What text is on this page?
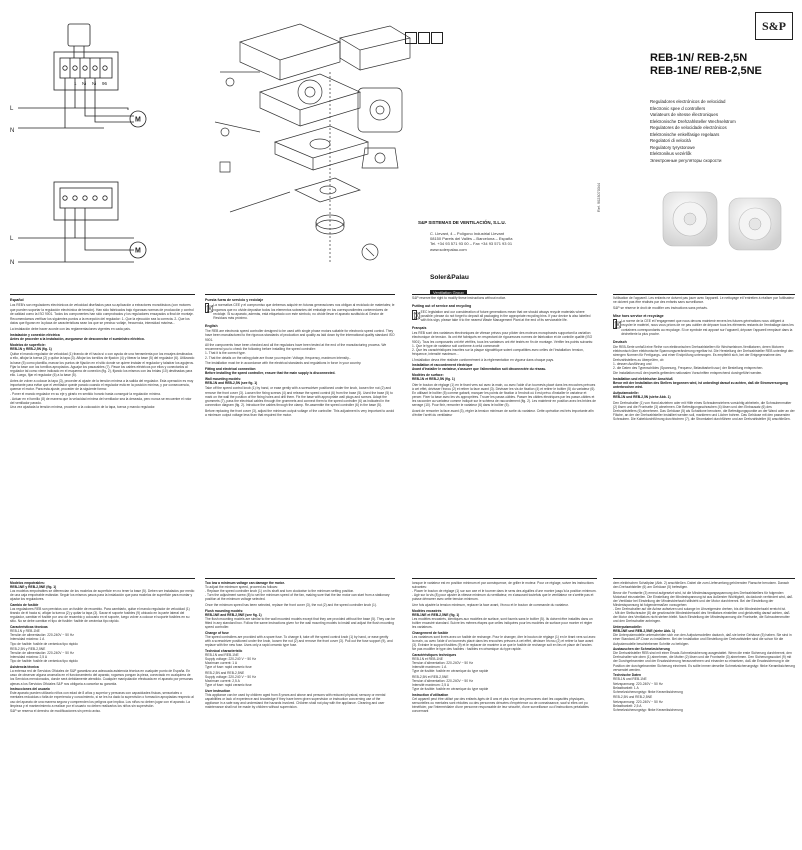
M
L
N
1 Ni Ni 96
M
L
N
S&P
REB-1N/ REB-2,5N
REB-1NE/ REB-2,5NE
Reguladores electrónicos de velocidad
Electronic spee d controllers
Variateurs de vitesse électroniques
Elektronische Drehzahlsteller Wechselstrom
Regulatores de velocidade electrónicos
Elektronische enkelfasige regelaars
Regolatori di velocità
Regulatory tyrystorowe
Elektronikus vezérlők
Электронные регуляторы скорости
Ref. 9023070344
S&P SISTEMAS DE VENTILACIÓN, S.L.U.
C. Llevant, 4 – Polígono Industrial Llevant
08150 Parets del Vallès – Barcelona – España
Tel. +34 93 571 93 00 – Fax +34 93 571 93 01
www.solerpalau.com
Soler&Palau
Ventilation Group

Español

Los REB's son reguladores electrónicos de velocidad diseñados para su aplicación a extractores monofásicos (con motores que pueden soportar la regulación electrónica de tensión). Han sido fabricados bajo rigurosas normas de producción y control de calidad como la ISO 9001. Todos los componentes han sido comprobados y los reguladores ensayados a final de montaje.

Recomendamos verificar los siguientes puntos a la recepción del regulador: 1- Que la ejecución sea la correcta. 2- Que los datos que figuran en la placa de características sean los que se precisa: voltaje, frecuencia, intensidad máxima...

La instalación debe hacer acorde con las reglamentaciones vigentes en cada país.

Instalación y conexión eléctrica

Antes de proceder a la instalación, asegurarse de desconectar el suministro eléctrico.

Modelos de superficie:

REB-1N y REB-2,5N (fig. 1)

Quitar el mando regulador de velocidad (1) tirando de él hacia sí o con ayuda de una herramienta por los encajes destinados a ello, aflojar la tuerca (2) y quitar la tapa (3). Aflojar los tornillos de fijación (4) y liberar la base (5) del regulador (6). Utilizando la base (5) como plantilla, marcar los puntos de fijación en el sitio donde se quiere instalar el regulador y taladrar los agujeros. Fijar la base con los tornillos apropiados. Aguajar los pasacables (7). Pasar los cables eléctricos por ellos y conectarlos al regulador tal como viene indicado en el esquema de conexión (fig. 2), fijando los mismos con las bridas (10) destinadas para ello. Luego, fijar el regulador (6) a la base (5).

Antes de volver a colocar la tapa (3), proceder al ajuste de la tensión mínima a la salida del regulador. Esta operación es muy importante para evitar que el ventilador quede parado cuando el regulador está en la posición mínima, y por consecuencia, quemar el motor. Para esta ajuste, proceder de la siguiente forma:

- Poner el mando regulador en su eje y girarlo en sentido horario hasta conseguir la regulación mínima.

- Actuar en el tornillo (8) de manera que la velocidad mínima del ventilador sea la deseada, pero nunca se encuentre el rotor del ventilador parado.

Una vez ajustada la tensión mínima, proceder a la colocación de la tapa, tuerca y mando regulador.

Puesta fuera de servicio y reciclaje

La normativa CEE y el compromiso que debemos adquirir en futuras generaciones nos obligan al reciclado de materiales; le rogamos que no olvide depositar todos los elementos sobrantes del embalaje en los correspondientes contenedores de reciclaje. Si su aparato, además, está etiquetado con este símbolo, no olvide llevar el aparato sustituido al Gestor de Residuos más próximo.

English

The REB are electronic speed controller designed to be used with single phase motors suitable for electronic speed control. They have been manufactured to the rigorous standards of production and quality as laid down by the international quality standard ISO 9001.

All the components have been checked and all the regulators have been tested at the end of the manufacturing process. We recommend you to check the following before installing the speed controller:

1- That it is the correct type.

2- That the details on the rating plate are those you require: Voltage, frequency, maximum intensity...

The installation must be in accordance with the electrical standards and regulations in force in your country.

Fitting and electrical connection

Before installing the speed controller, ensure that the main supply is disconnected.

Wall mounting models:

REB-1N and REB-2,5N (see fig. 1)

Take off the speed control knob (1) by hand, or ease gently with a screwdriver positioned under the knob, loosen the nut (2) and remove the front cover (3). Loosen the fixing screws (4) and release the speed control (6) from the base (5). Used the base (5) to mark on the wall the position of the fixing holes and drill them. Fix the base with appropriate wall plugs and screws. Adapt the grommets (7), pass the electrical cables through the grommets and connect them to the speed controller (6) as indicated in the connection diagram (fig. 2). Introduce the cables through the clamp. Re-assemble the speed controller (6) in the base (5).

Before replacing the front cover (3), adjust the minimum output voltage of the controller. This adjustment is very important to avoid a minimum output voltage less than that required the motor.

S&P reserve the right to modify these instructions without notice.

Putting out of service and recycling

EEC legislation and our consideration of future generations mean that we should always recycle materials where possible; please do not forget to deposit all packaging in the appropriate recycling bins. If your device is also labelled with this sign, please take it to the nearest Waste Management Plant at the end of its serviceable life.

Français

Les REB sont des variateurs électroniques de vitesse prévus pour piloter des moteurs monophasés supportant la variation électronique de tension. Ils ont été fabriqués en respectant de rigoureuses normes de fabrication et de contrôle qualité (ISO 9001). Tous les composants ont été vérifiés, tous les variateurs ont été testés en fin de montage. Vérifier les points suivants:

1- Que le type de variateur soit conforme à celui commandé

2- Que les caractéristiques inscrites sur la plaque signalétique soient compatibles avec celles de l'installation: tension, fréquence, intensité maximum...

L'installation devra être réalisée conformément à la réglementation en vigueur dans chaque pays.

Installation et raccordement électrique

Avant d'installer le variateur, s'assurer que l'alimentation soit déconnectée du réseau.

Modèles de surface:

REB-1N et REB-2,5N (fig. 1)

Oter le bouton de réglage (1) en le tirant vers soi avec la main, ou avec l'aide d'un tournevis placé dans les encoches prévues à cet effet, dévisser l'écrou (2) et retirer la face avant (3). Dévisser les vis de fixation (4) et retirer le boîtier (5) du variateur (6). En utilisant le boîtier (5) comme gabarit, marquer les points de fixation à l'endroit où il est prévu d'installer le variateur et percer. Fixer la base avec les vis appropriées. Trouer les passe-câbles. Passer les câbles électriques par les passe-câbles et les raccorder au variateur comme indiqué sur le schéma de raccordement (fig. 2). Les maintenir en position avec les brides de serrage (10). Pour finir, remonter le variateur (6) dans le boîtier (5).

Avant de remonter la face avant (3), régler la tension minimum de sortie du variateur. Cette opération est très importante afin d'éviter l'arrêt du ventilateur

l'utilisation de l'appareil. Les enfants ne doivent pas jouer avec l'appareil. Le nettoyage et l'entretien à réaliser par l'utilisateur ne doivent pas être réalisés par des enfants sans surveillance.

S&P se réserve le droit de modifier ces instructions sans préavis.

Mise hors service et recyclage

La norme de la CEE et l'engagement que nous devons maintenir envers les futures générations nous obligent à recycler le matériel, nous vous prions de ne pas oublier de déposer tous les éléments restants de l'emballage dans les containers correspondants au recyclage. Si ce symbole est apposé sur l'appareil, déposer l'appareil remplacé dans la déchetterie la plus proche.

Deutsch

Die REB-Serie umfaßt eine Reihe von elektronischen Drehzahlstellern für Wechselstrom-Ventilatoren, deren Motoren elektronisch über elektronische Spannungsveränderung regelbar ist. Die Herstellung der Drehzahlsteller REB unterliegt den strengen Normen für Fertigungs- und einer Endprüfung unterzogen. Es empfiehlt sich, bei der Entgegennahme des Drehzahlstellers zu überprüfen, ob

1- dessen Ausführung und

2- die Daten des Typenschildes (Spannung, Frequenz, Belastbarkeit usw.) der Bestellung entsprechen.

Die Installation muß den jeweils geltenden nationalen Vorschriften entsprechend durchgeführt werden.

Installation und elektrischer Anschluß

Bevor mit der Installation des Stellers begonnen wird, ist unbedingt darauf zu achten, daß die Stromversorgung unterbrochen wird.

Aufputzmodelle:

REB-1N und REB-2,5N (siehe Abb. 1)

Den Drehschalter (1) von Hand abziehen oder mit Hilfe eines Schraubenziehers vorsichtig abhebeln, die Schraubenmutter (2) lösen und die Frontseite (3) abnehmen. Die Befestigungsschrauben (4) lösen und den Einbausatz (6) des Drehzahlstellers (6) abnehmen. Das Gehäuse (5) als Schablone benutzen, die Befestigungspunkte an der Wand oder an der Fläche, an der der Drehzahlsteller installiert werden soll, markieren und Löcher bohren. Das Gehäuse mit den passenden Schrauben. Die Kabeldurchführung durchbohren (7), die Stromkabel durchführen und am Drehzahlsteller (6) anschließen.

Modelos empotrables:

REB-1NE y REB-2,5NE (fig. 1)

Los modelos empotrables se diferencian de los modelos de superficie en no tener la base (5). Deben ser instalados por medio de una caja empotrable estándar. Seguir los mismos pasos para la instalación que para modelos de superficie para montar y ajustar los reguladores.

Cambio de fusible

Los reguladores REB son previstos con un fusible de recambio. Para cambiarlo, quitar el mando regulador de velocidad (1) tirando de él hacia sí, aflojar la tuerca (2) y quitar la tapa (3). Sacar el soporte fusibles (9) ubicado en la parte lateral del regulador, cambiar el fusible por uno de recambio y colocarlo en el soporte, luego volver a colocar el soporte fusibles en su sitio. No se debe cambiar el tipo de fusible: fusible de cerámica tipo rápido.

Características técnicas

REB-1N y REB-1NE

Tensión de alimentación: 220-240V ~ 50 Hz

Intensidad máxima: 1 A

Tipo de fusible: fusible de cerámica tipo rápido

REB-2,5N y REB-2,5NE

Tensión de alimentación: 220-240V ~ 50 Hz

Intensidad máxima: 2,5 A

Tipo de fusible: fusible de cerámica tipo rápido

Asistencia técnica

La extensa red de Servicios Oficiales de S&P garantiza una adecuada asistencia técnica en cualquier punto de España. En caso de observar alguna anomalía en el funcionamiento del aparato, rogamos pongan la pieza, conectado en cualquiera de los Servicios mencionados, donde será debidamente atendido. Cualquier manipulación efectuada en el aparato por personas ajenas a los Servicios Oficiales S&P nos obligaría a cancelar su garantía.

Instrucciones del usuario

Este aparato pueden utilizarlo niños con edad de 8 años y superior y personas con capacidades físicas, sensoriales o mentales reducidas o falta de experiencia y conocimiento, si se les ha dado la supervisión o formación apropiadas respecto al uso del aparato de una manera segura y comprenden los peligros que implica. Los niños no deben jugar con el aparato. La limpieza y el mantenimiento a realizar por el usuario no deben realizarlos los niños sin supervisión.

S&P se reserva el derecho de modificaciones sin previo aviso.

Too low a minimum voltage can damage the motor.

To adjust the minimum speed, proceed as follows:

- Replace the speed controller knob (1) on its shaft and turn clockwise to the minimum setting position.

- Turn the adjustment screw (8) to set the minimum speed of the fan, making sure that the fan motor can start from a stationary position at the minimum voltage selected.

Once the minimum speed has been selected, replace the front cover (3), the nut (2) and the speed controller knob (1).

Flush mounting models:

REB-1NE and REB-2,5NE (see fig. 1)

The flush mounting models are similar to the wall mounted models except that they are provided without the base (5). They can be fitted in any standard box. Follow the same instructions given for the wall mounting models to install and adjust the flush mounting speed controller.

Change of fuse

The speed controllers are provided with a spare fuse. To change it, take off the speed control knob (1) by hand, or ease gently with a screwdriver positioned under the knob, loosen the nut (2) and remove the front cover (3). Pull out the fuse support (9), and replace with the new fuse. Uses only a rapid ceramic type fuse.

Technical characteristic

REB-1N and REB-1NE

Supply voltage: 220-240 V ~ 50 Hz

Maximum current: 1 A

Type of fuse: rapid ceramic fuse

REB-2,5N and REB-2,5NE

Supply voltage: 220-240 V ~ 50 Hz

Maximum current: 2,5 A

Type of fuse: rapid ceramic fuse

User instruction

This appliance can be used by children aged from 8 years and above and persons with reduced physical, sensory or mental capabilities or lack of experience and knowledge if they have been given supervision or instruction concerning use of the appliance in a safe way and understand the hazards involved. Children shall not play with the appliance. Cleaning and user maintenance shall not be made by children without supervision.

lorsque le variateur est en position minimum et par conséquence, de griller le moteur. Pour ce réglage, suivre les instructions suivantes:

- Placer le bouton de réglage (1) sur son axe et le tourner dans le sens des aiguilles d'une montre jusqu'à la position minimum.

- Agir sur la vis (8) pour ajuster la vitesse minimum du ventilateur, en s'assurant toutefois que le ventilateur ne s'arrête pas et puisse démarrer avec cette tension minimum.

Une fois ajustée la tension minimum, replacer la face avant, l'écrou et le bouton de commande du variateur.

Modèles encastrés

REB-1NE et REB-2,5NE (fig. 1)

Les modèles encastrés, identiques aux modèles de surface, sont fournis sans le boîtier (5). Ils doivent être installés dans un boîtier encastré standard. Suivre les mêmes étapes que celles indiquées pour les modèles de surface pour monter et régler les variateurs.

Changement de fusible

Les variateurs sont livrés avec un fusible de rechange. Pour le changer, ôter le bouton de réglage (1) en le tirant vers soi avec la main, ou avec l'aide d'un tournevis placé dans les encoches prévues à cet effet, dévisser l'écrou (2) et retirer la face avant (3). Extraire le support fusibles (9) et le replacer de manière à ce que le fusible de rechange soit en lieu et place de l'ancien. Ne pas modifier le type des fusibles : fusibles en céramique du type rapide.

Caractéristiques techniques

REB-1N et REB-1NE

Tension d'alimentation: 220-240V ~ 50 Hz

Intensité maximum: 1 A

Type de fusible: fusible en céramique du type rapide

REB-2,5N et REB-2,5NE

Tension d'alimentation: 220-240V ~ 50 Hz

Intensité maximum: 2,5 A

Type de fusible: fusible en céramique du type rapide

Instruction d'utilisation

Cet appareil peut être utilisé par des enfants âgés de 8 ans et plus et par des personnes dont les capacités physiques, sensorielles ou mentales sont réduites ou des personnes dénuées d'expérience ou de connaissance, sauf si elles ont pu bénéficier, par l'intermédiaire d'une personne responsable de leur sécurité, d'une surveillance ou d'instructions préalables concernant

dem elektrischen Schaltplan (Abb. 2) anschließen. Dabei die zum Lieferumfang gehörenden Flansche benutzen. Danach den Drehzahlsteller (6) am Gehäuse (5) befestigen.

Bevor die Frontseite (3) erneut aufgesetzt wird, ist die Mindestausgangsspannung des Drehzahlstellers für folgenden Motortauf einzustellen. Die Einstellung der Mindestspannung ist aus äußerster Wichtigkeit, da dadurch verhindert wird, daß der Ventilator bei Einstellung der Mindestdrehzahl stillsteht und der Motor durchbrennt. Bei der Einstellung der Mindestspannung ist folgendermaßen vorzugehen:

- Den Drehschalter auf die Achse aufsetzen und solange im Uhrzeigersinn drehen, bis die Mindestdrehzahl erreicht ist.

- Mit der Stellschraube (8) die gewünschte Mindestdrehzahl des Ventilators einstellen und gleichzeitig darauf achten, daß der Motor des Ventilators nicht stehen bleibt. Nach Einstellung der Mindestspannung die Frontseite, die Schraubenmutter und den Drehschalter anbringen.

Unterputzmodelle:

REB-1NE und REB-2,5NE (siehe Abb. 1)

Die Unterputzmodelle unterscheiden sich von den Aufputzmodellen dadurch, daß sie keine Gehäuse (5) haben. Sie sind in einer Standard-UP-Dose zu installieren. Bei der Installation und Einstellung der Drehzahlsteller sind die schon für die Aufputzmodelle beschriebenen Schritte zu befolgen.

Austauschen der Schmelzsicherung

Die Drehzahlsteller REB sind mit einer Ersatz-Schmelzsicherung ausgestattet. Wenn die erste Sicherung durchbrennt, den Drehschalter wie oben (1) abnehmen, die Mutter (2) lösen und die Frontseite (3) abnehmen. Den Sicherungssockel (9) mit der Durchgebrannten und der Ersatzsicherung herausnehmen und einander so einsetzen, daß die Ersatzsicherung in die Position der durchgebrannten Sicherung einnimmt. Es sollte immer derselbe Schmelzsicherungstyp: flinke Keramiksicherung verwendet werden.

Technische Daten

REB-1N und REB-1NE

Netzspannung: 220-240V ~ 50 Hz

Belastbarkeit: 1 A

Schmelzsicherungstyp: flinke Keramiksicherung

REB-2,5N und REB-2,5NE

Netzspannung: 220-240V ~ 50 Hz

Belastbarkeit: 2,5 A

Schmelzsicherungstyp: flinke Keramiksicherung
